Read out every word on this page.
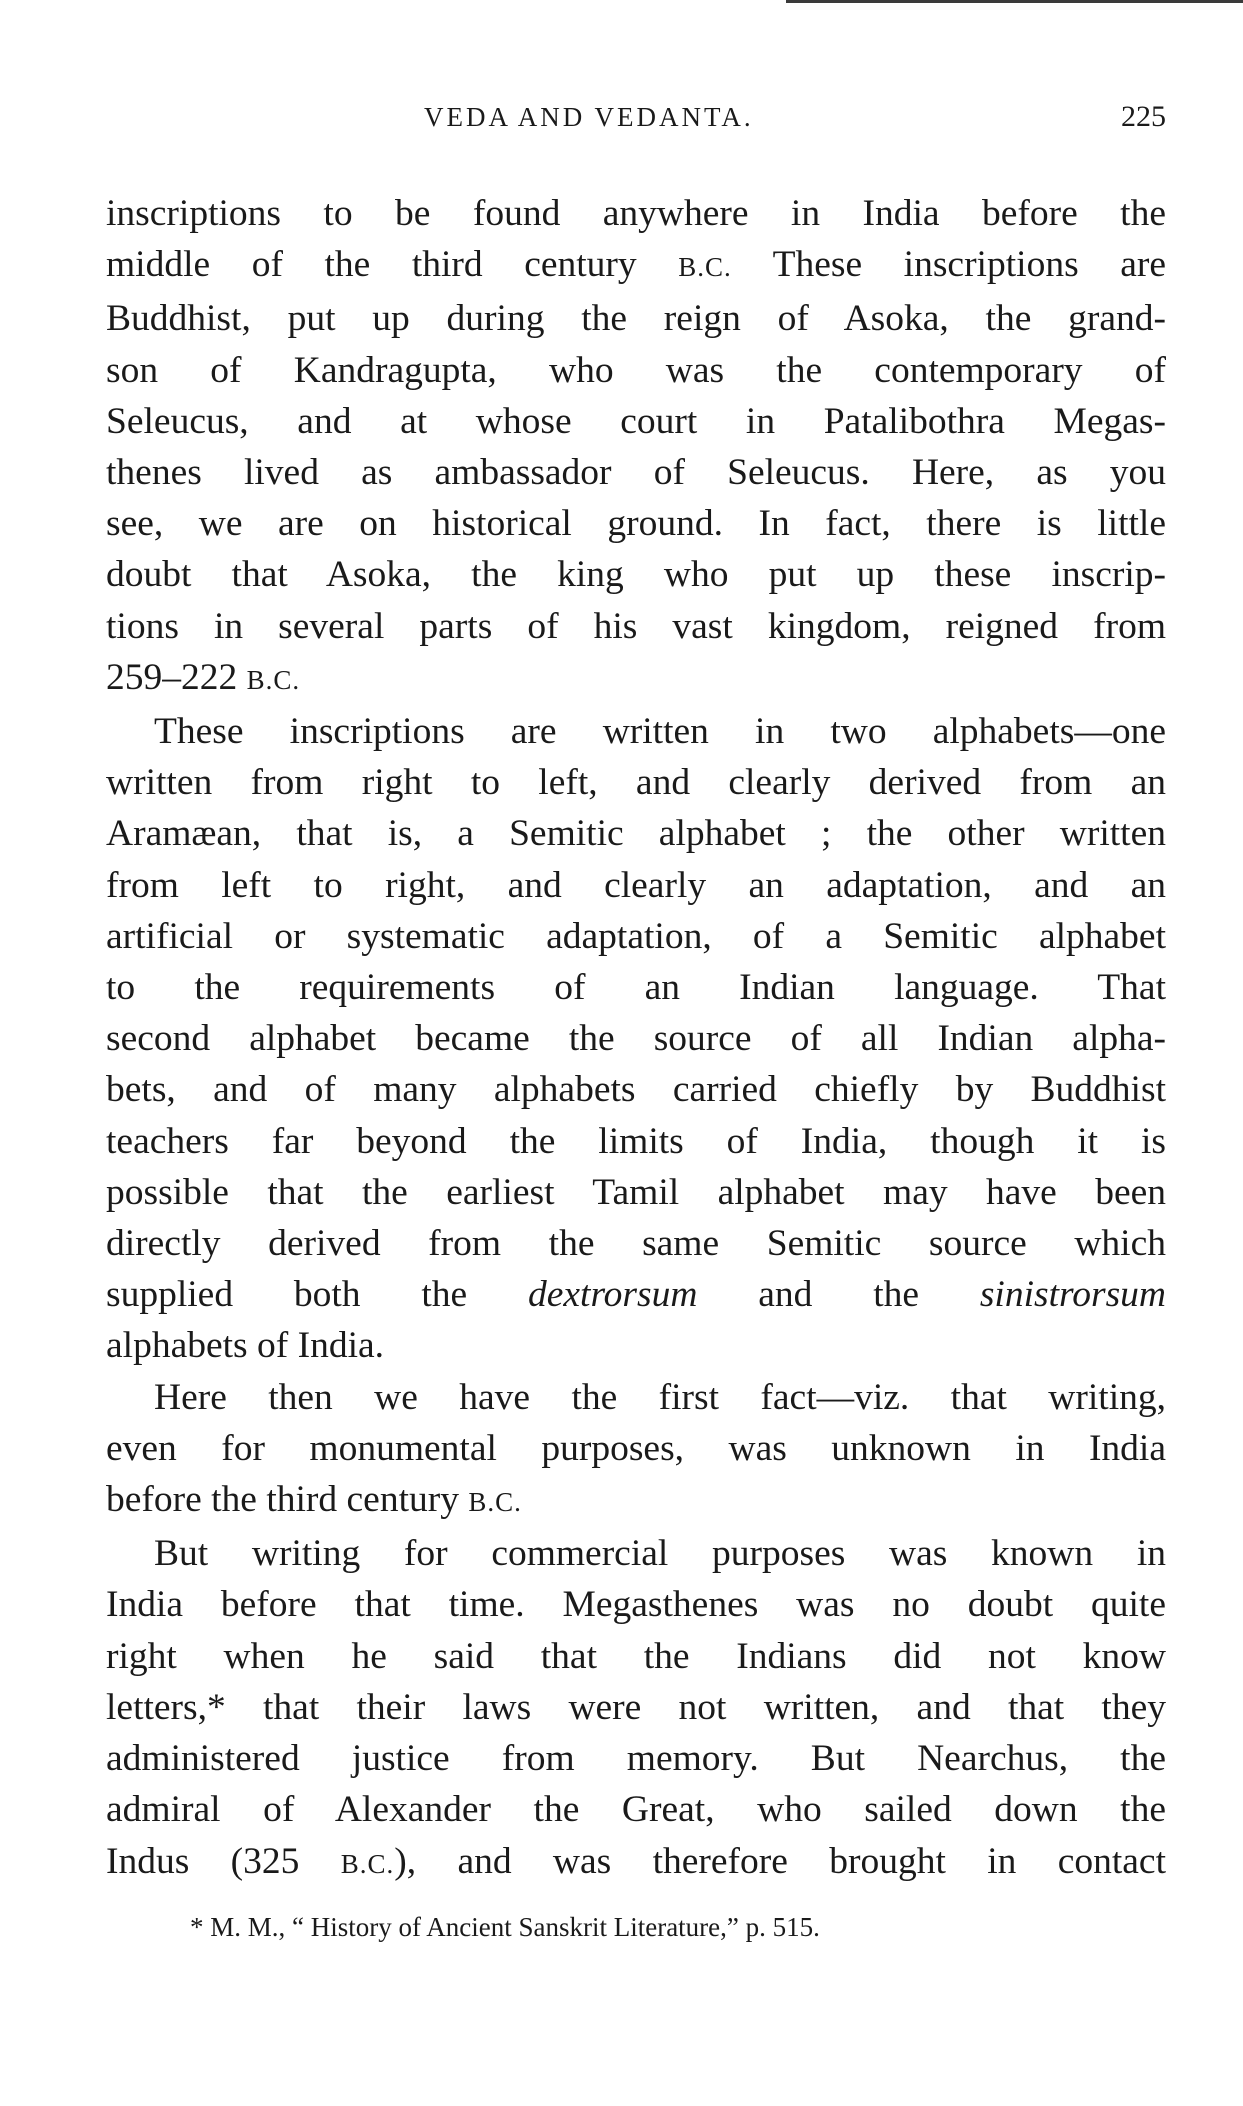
VEDA AND VEDANTA.	225
inscriptions to be found anywhere in India before the
middle of the third century B.C. These inscriptions are
Buddhist, put up during the reign of Asoka, the grand-
son of Kandragupta, who was the contemporary of
Seleucus, and at whose court in Patalibothra Megas-
thenes lived as ambassador of Seleucus. Here, as you
see, we are on historical ground. In fact, there is little
doubt that Asoka, the king who put up these inscrip-
tions in several parts of his vast kingdom, reigned from
259–222 B.C.
These inscriptions are written in two alphabets—one
written from right to left, and clearly derived from an
Aramæan, that is, a Semitic alphabet ; the other written
from left to right, and clearly an adaptation, and an
artificial or systematic adaptation, of a Semitic alphabet
to the requirements of an Indian language. That
second alphabet became the source of all Indian alpha-
bets, and of many alphabets carried chiefly by Buddhist
teachers far beyond the limits of India, though it is
possible that the earliest Tamil alphabet may have been
directly derived from the same Semitic source which
supplied both the dextrorsum and the sinistrorsum
alphabets of India.
Here then we have the first fact—viz. that writing,
even for monumental purposes, was unknown in India
before the third century B.C.
But writing for commercial purposes was known in
India before that time. Megasthenes was no doubt quite
right when he said that the Indians did not know
letters,* that their laws were not written, and that they
administered justice from memory. But Nearchus, the
admiral of Alexander the Great, who sailed down the
Indus (325 B.C.), and was therefore brought in contact
* M. M., “ History of Ancient Sanskrit Literature,” p. 515.
